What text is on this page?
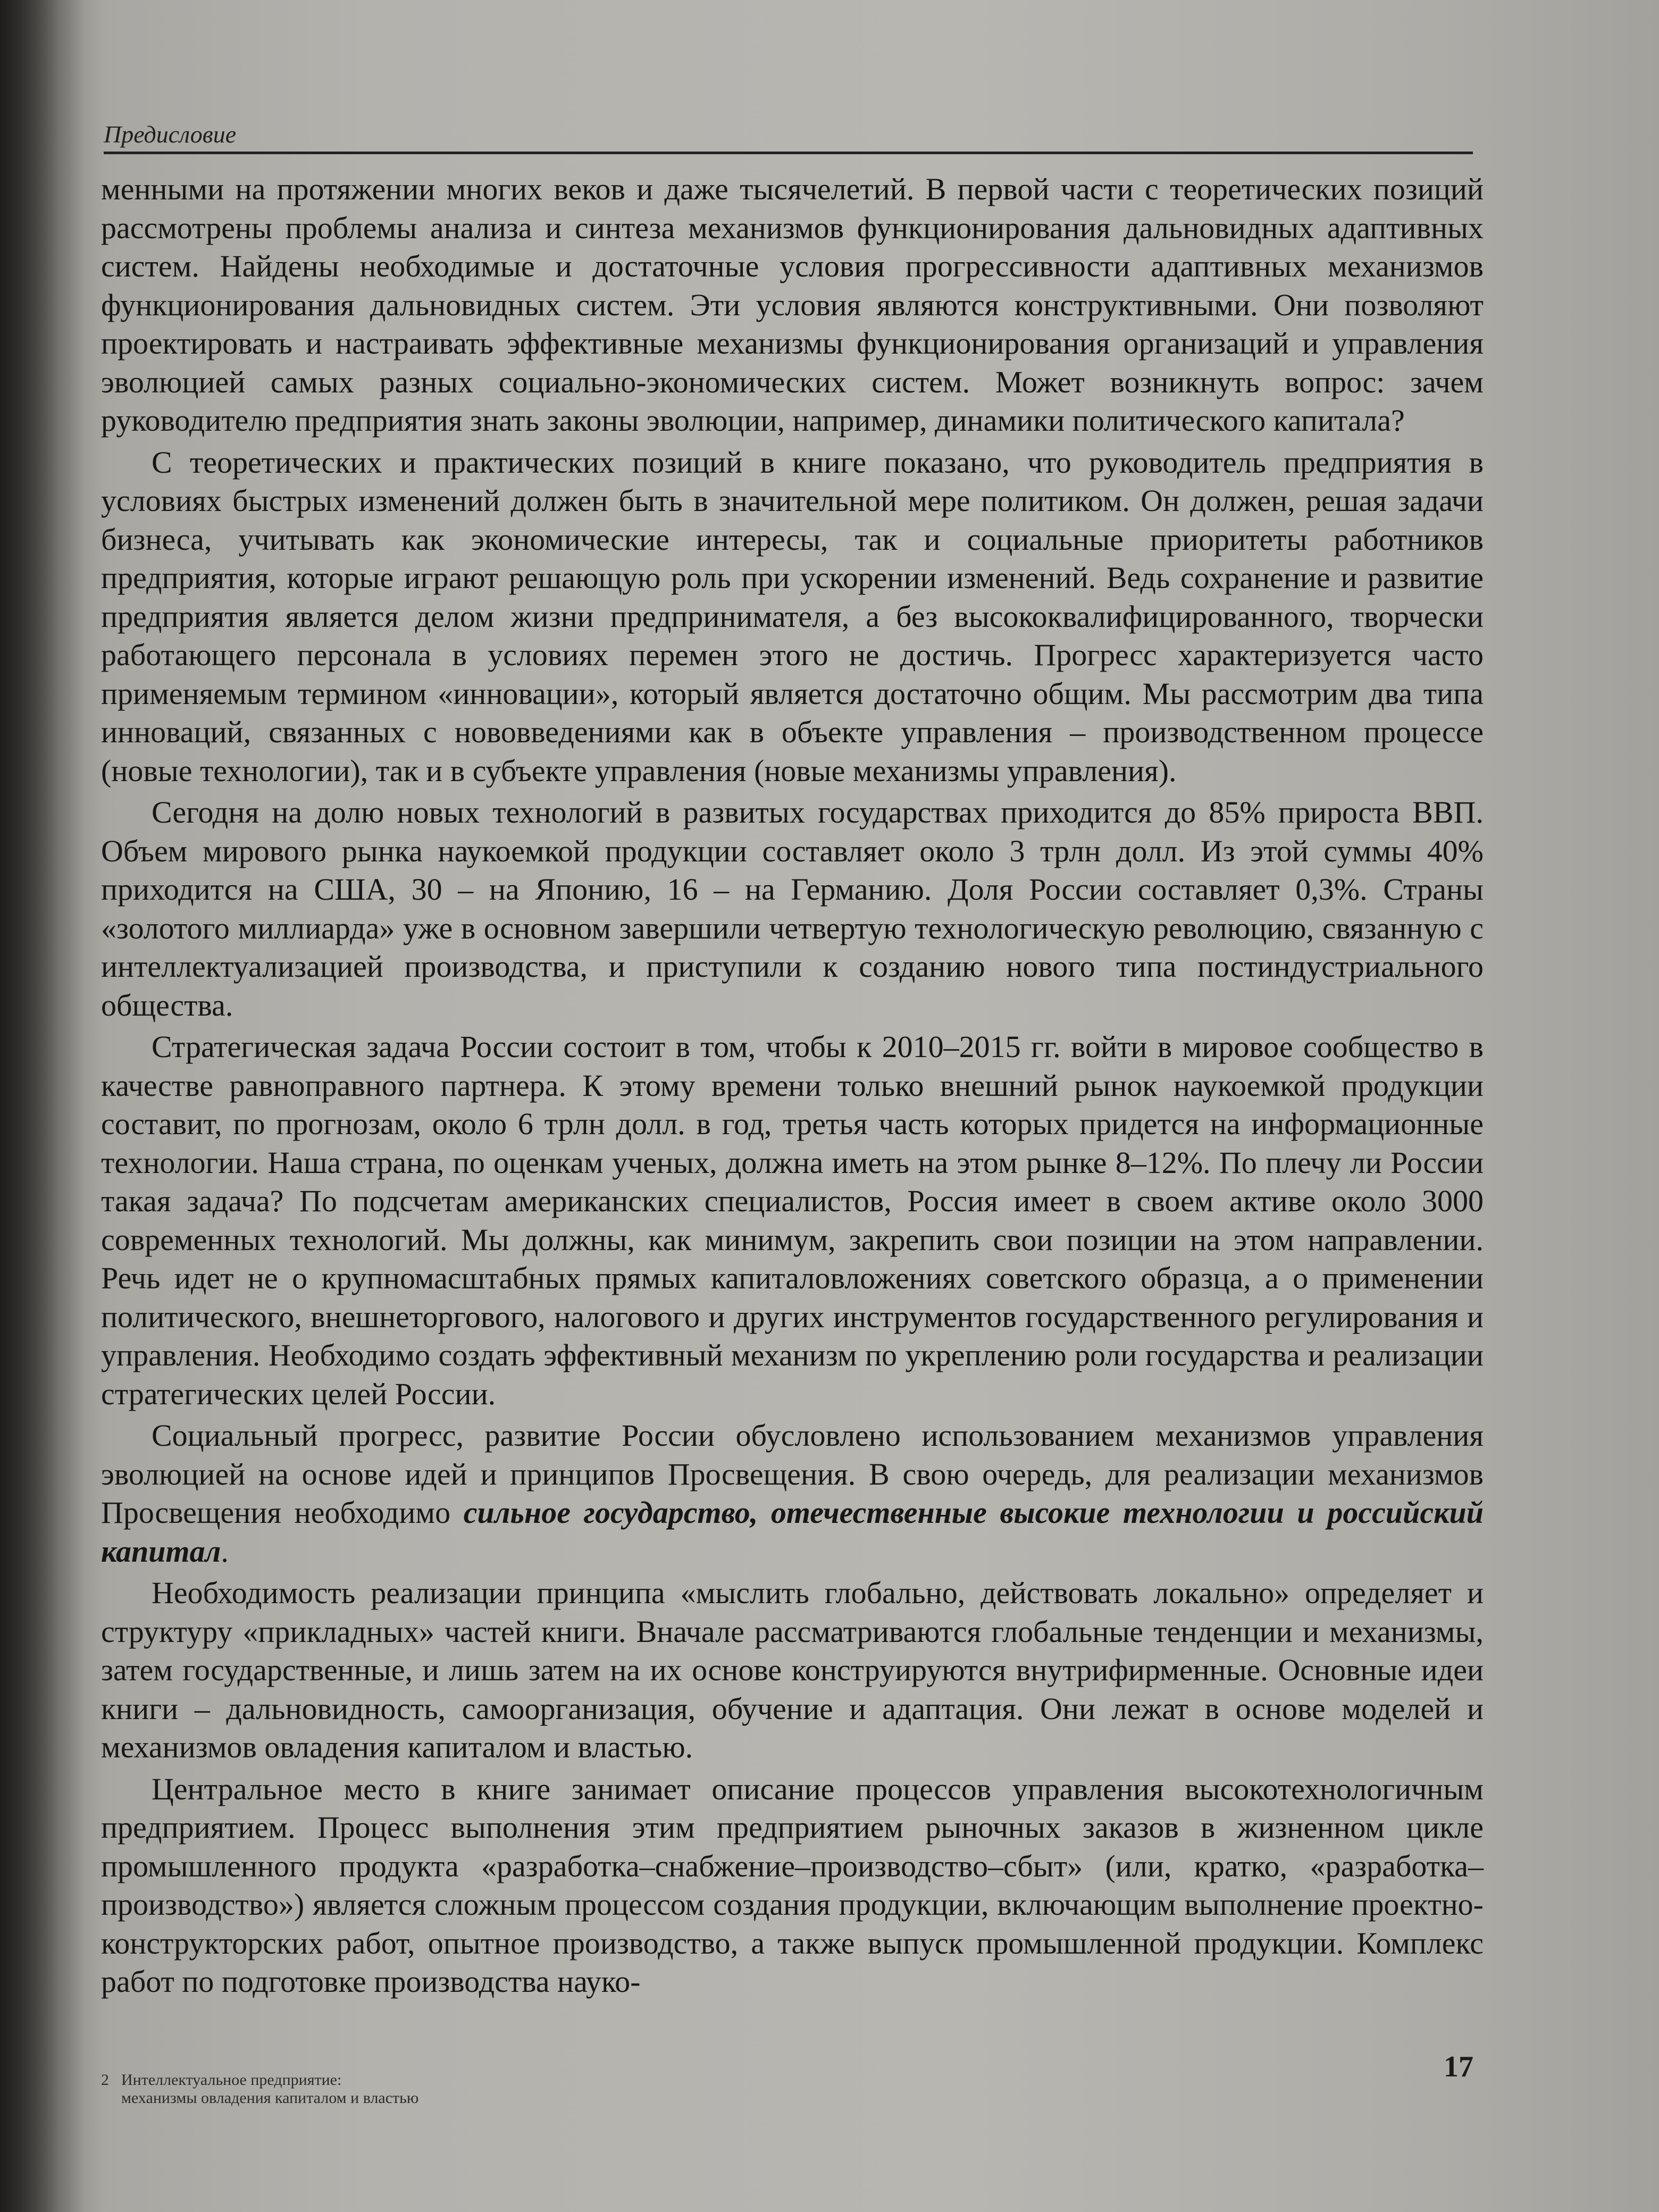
Предисловие

менными на протяжении многих веков и даже тысячелетий. В первой части с теоретических позиций рассмотрены проблемы анализа и синтеза механизмов функционирования дальновидных адаптивных систем. Найдены необходимые и достаточные условия прогрессивности адаптивных механизмов функционирования дальновидных систем. Эти условия являются конструктивными. Они позволяют проектировать и настраивать эффективные механизмы функционирования организаций и управления эволюцией самых разных социально-экономических систем. Может возникнуть вопрос: зачем руководителю предприятия знать законы эволюции, например, динамики политического капитала?

С теоретических и практических позиций в книге показано, что руководитель предприятия в условиях быстрых изменений должен быть в значительной мере политиком. Он должен, решая задачи бизнеса, учитывать как экономические интересы, так и социальные приоритеты работников предприятия, которые играют решающую роль при ускорении изменений. Ведь сохранение и развитие предприятия является делом жизни предпринимателя, а без высококвалифицированного, творчески работающего персонала в условиях перемен этого не достичь. Прогресс характеризуется часто применяемым термином «инновации», который является достаточно общим. Мы рассмотрим два типа инноваций, связанных с нововведениями как в объекте управления – производственном процессе (новые технологии), так и в субъекте управления (новые механизмы управления).

Сегодня на долю новых технологий в развитых государствах приходится до 85% прироста ВВП. Объем мирового рынка наукоемкой продукции составляет около 3 трлн долл. Из этой суммы 40% приходится на США, 30 – на Японию, 16 – на Германию. Доля России составляет 0,3%. Страны «золотого миллиарда» уже в основном завершили четвертую технологическую революцию, связанную с интеллектуализацией производства, и приступили к созданию нового типа постиндустриального общества.

Стратегическая задача России состоит в том, чтобы к 2010–2015 гг. войти в мировое сообщество в качестве равноправного партнера. К этому времени только внешний рынок наукоемкой продукции составит, по прогнозам, около 6 трлн долл. в год, третья часть которых придется на информационные технологии. Наша страна, по оценкам ученых, должна иметь на этом рынке 8–12%. По плечу ли России такая задача? По подсчетам американских специалистов, Россия имеет в своем активе около 3000 современных технологий. Мы должны, как минимум, закрепить свои позиции на этом направлении. Речь идет не о крупномасштабных прямых капиталовложениях советского образца, а о применении политического, внешнеторгового, налогового и других инструментов государственного регулирования и управления. Необходимо создать эффективный механизм по укреплению роли государства и реализации стратегических целей России.

Социальный прогресс, развитие России обусловлено использованием механизмов управления эволюцией на основе идей и принципов Просвещения. В свою очередь, для реализации механизмов Просвещения необходимо сильное государство, отечественные высокие технологии и российский капитал.

Необходимость реализации принципа «мыслить глобально, действовать локально» определяет и структуру «прикладных» частей книги. Вначале рассматриваются глобальные тенденции и механизмы, затем государственные, и лишь затем на их основе конструируются внутрифирменные. Основные идеи книги – дальновидность, самоорганизация, обучение и адаптация. Они лежат в основе моделей и механизмов овладения капиталом и властью.

Центральное место в книге занимает описание процессов управления высокотехнологичным предприятием. Процесс выполнения этим предприятием рыночных заказов в жизненном цикле промышленного продукта «разработка–снабжение–производство–сбыт» (или, кратко, «разработка–производство») является сложным процессом создания продукции, включающим выполнение проектно-конструкторских работ, опытное производство, а также выпуск промышленной продукции. Комплекс работ по подготовке производства науко-

2 Интеллектуальное предприятие:
механизмы овладения капиталом и властью
17
